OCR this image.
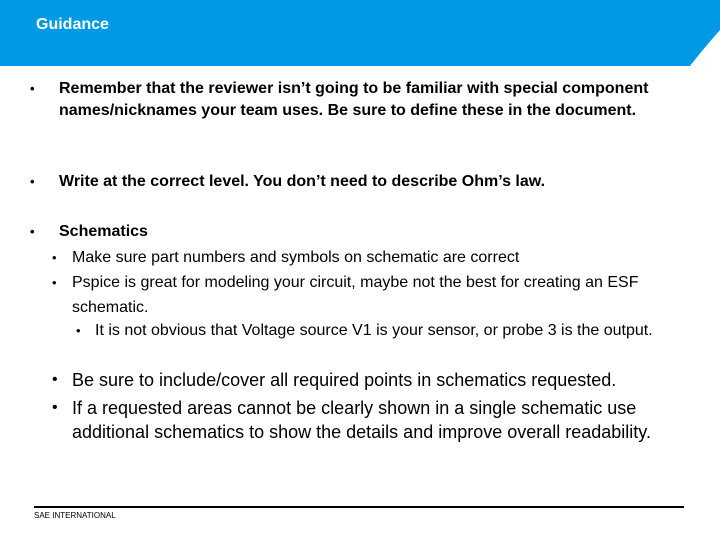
Guidance
•	Remember that the reviewer isn’t going to be familiar with special component names/nicknames your team uses. Be sure to define these in the document.
•	Write at the correct level. You don’t need to describe Ohm’s law.
•	Schematics
• Make sure part numbers and symbols on schematic are correct
• Pspice is great for modeling your circuit, maybe not the best for creating an ESF schematic.
• It is not obvious that Voltage source V1 is your sensor, or probe 3 is the output.
• Be sure to include/cover all required points in schematics requested.
• If a requested areas cannot be clearly shown in a single schematic use additional schematics to show the details and improve overall readability.
SAE INTERNATIONAL
